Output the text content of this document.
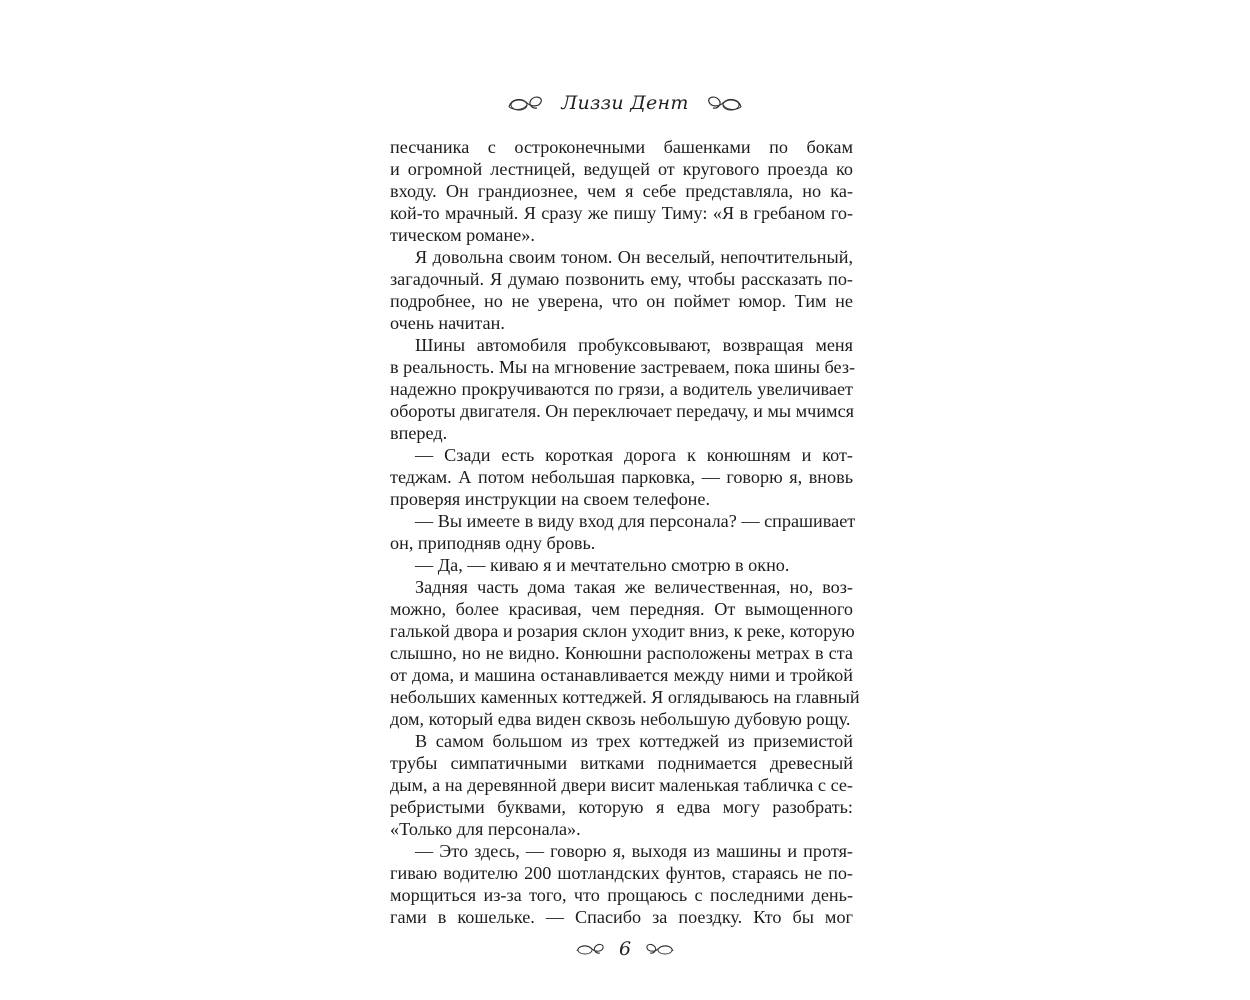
Лиззи Дент
песчаника с остроконечными башенками по бокам
и огромной лестницей, ведущей от кругового проезда ко
входу. Он грандиознее, чем я себе представляла, но ка-
кой-то мрачный. Я сразу же пишу Тиму: «Я в гребаном го-
тическом романе».
Я довольна своим тоном. Он веселый, непочтительный,
загадочный. Я думаю позвонить ему, чтобы рассказать по-
подробнее, но не уверена, что он поймет юмор. Тим не
очень начитан.
Шины автомобиля пробуксовывают, возвращая меня
в реальность. Мы на мгновение застреваем, пока шины без-
надежно прокручиваются по грязи, а водитель увеличивает
обороты двигателя. Он переключает передачу, и мы мчимся
вперед.
— Сзади есть короткая дорога к конюшням и кот-
теджам. А потом небольшая парковка, — говорю я, вновь
проверяя инструкции на своем телефоне.
— Вы имеете в виду вход для персонала? — спрашивает
он, приподняв одну бровь.
— Да, — киваю я и мечтательно смотрю в окно.
Задняя часть дома такая же величественная, но, воз-
можно, более красивая, чем передняя. От вымощенного
галькой двора и розария склон уходит вниз, к реке, которую
слышно, но не видно. Конюшни расположены метрах в ста
от дома, и машина останавливается между ними и тройкой
небольших каменных коттеджей. Я оглядываюсь на главный
дом, который едва виден сквозь небольшую дубовую рощу.
В самом большом из трех коттеджей из приземистой
трубы симпатичными витками поднимается древесный
дым, а на деревянной двери висит маленькая табличка с се-
ребристыми буквами, которую я едва могу разобрать:
«Только для персонала».
— Это здесь, — говорю я, выходя из машины и протя-
гиваю водителю 200 шотландских фунтов, стараясь не по-
морщиться из-за того, что прощаюсь с последними день-
гами в кошельке. — Спасибо за поездку. Кто бы мог
6
